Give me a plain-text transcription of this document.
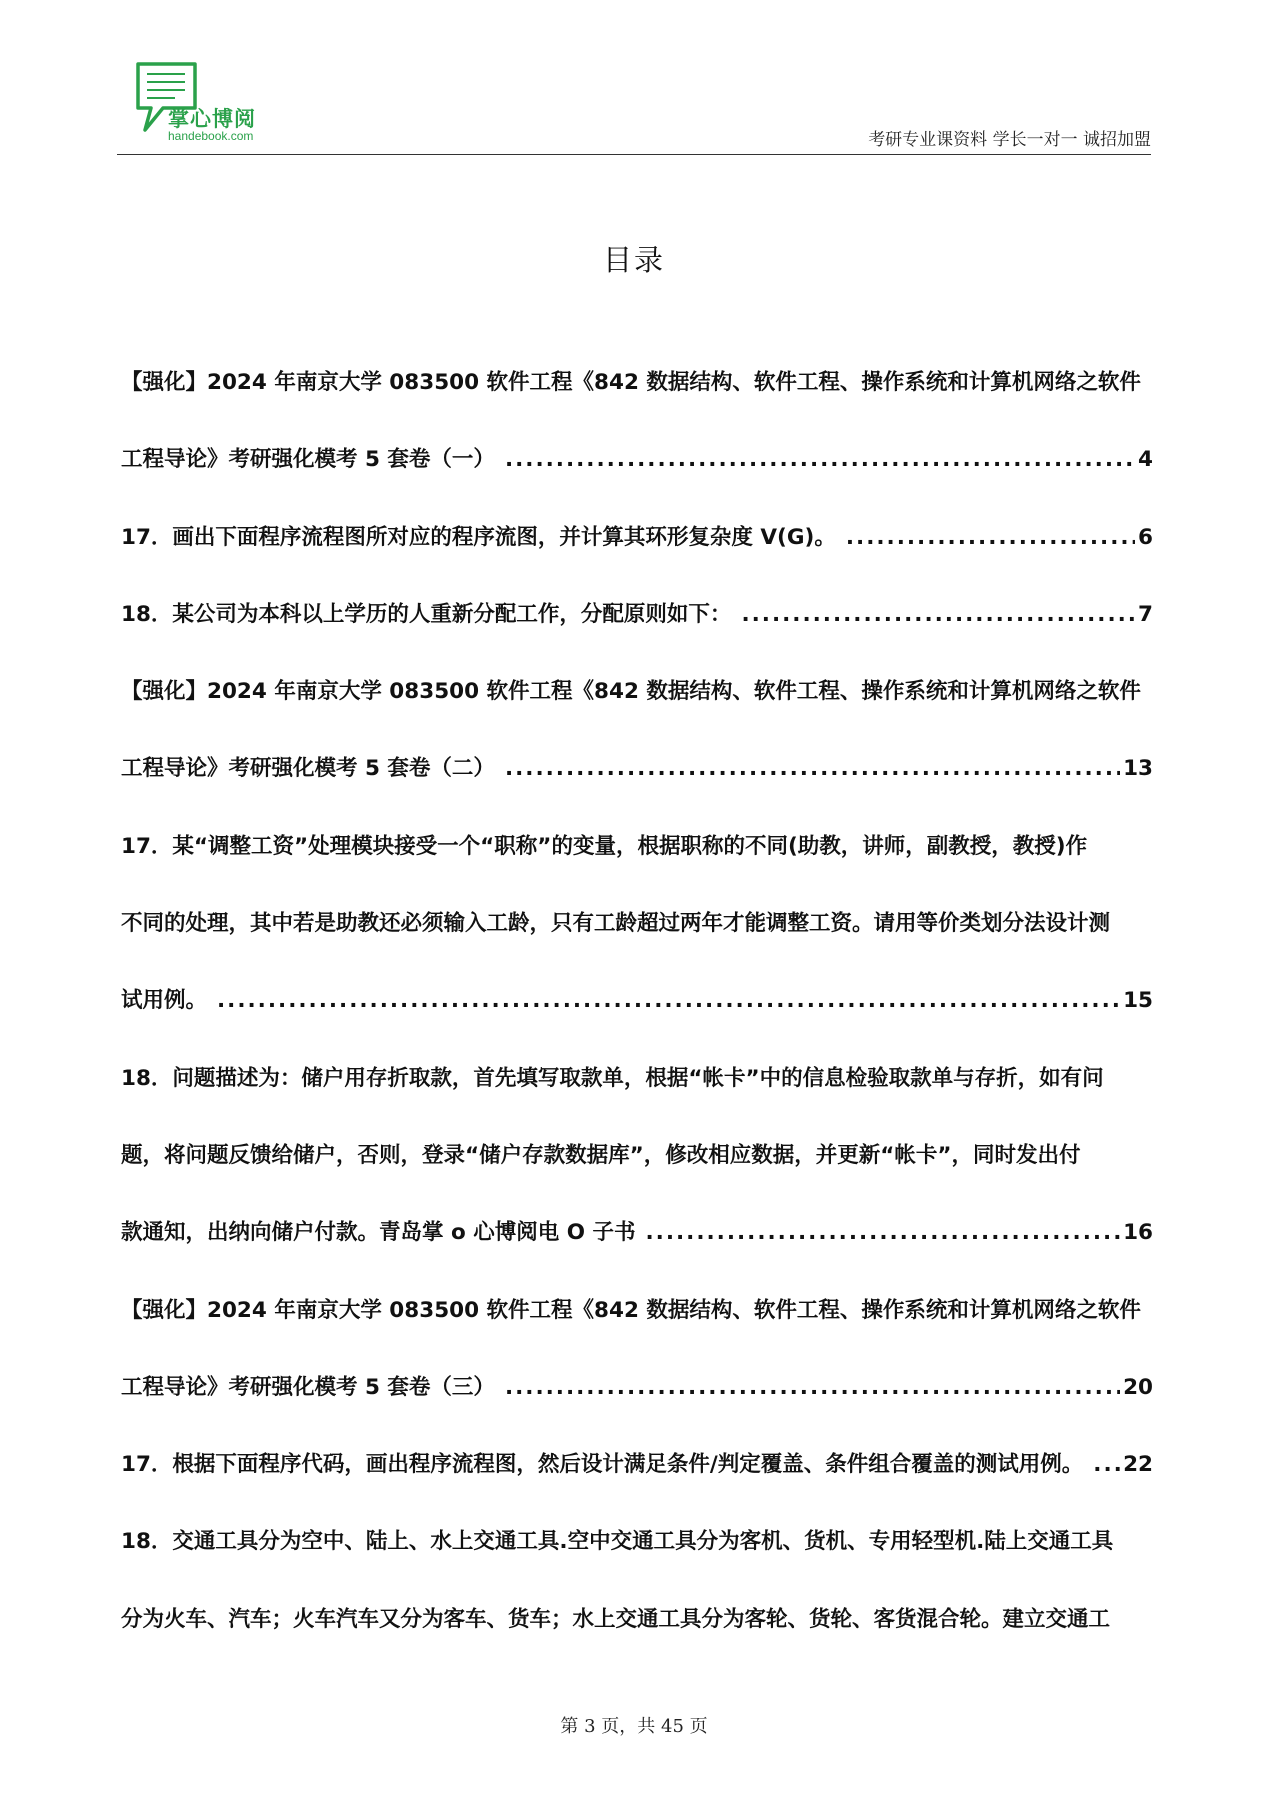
掌心博阅
handebook.com	考研专业课资料 学长一对一 诚招加盟
目录
【强化】2024 年南京大学 083500 软件工程《842 数据结构、软件工程、操作系统和计算机网络之软件
工程导论》考研强化模考 5 套卷（一） .....	4
17．画出下面程序流程图所对应的程序流图，并计算其环形复杂度 V(G)。 .....	6
18．某公司为本科以上学历的人重新分配工作，分配原则如下： .....	7
【强化】2024 年南京大学 083500 软件工程《842 数据结构、软件工程、操作系统和计算机网络之软件
工程导论》考研强化模考 5 套卷（二） .....	13
17．某“调整工资”处理模块接受一个“职称”的变量，根据职称的不同(助教，讲师，副教授，教授)作
不同的处理，其中若是助教还必须输入工龄，只有工龄超过两年才能调整工资。请用等价类划分法设计测
试用例。 .....	15
18．问题描述为：储户用存折取款，首先填写取款单，根据“帐卡”中的信息检验取款单与存折，如有问
题，将问题反馈给储户，否则，登录“储户存款数据库”，修改相应数据，并更新“帐卡”，同时发出付
款通知，出纳向储户付款。青岛掌 o 心博阅电 O 子书 .....	16
【强化】2024 年南京大学 083500 软件工程《842 数据结构、软件工程、操作系统和计算机网络之软件
工程导论》考研强化模考 5 套卷（三） .....	20
17．根据下面程序代码，画出程序流程图，然后设计满足条件/判定覆盖、条件组合覆盖的测试用例。 ..... 22
18．交通工具分为空中、陆上、水上交通工具.空中交通工具分为客机、货机、专用轻型机.陆上交通工具
分为火车、汽车；火车汽车又分为客车、货车；水上交通工具分为客轮、货轮、客货混合轮。建立交通工
第 3 页，共 45 页
